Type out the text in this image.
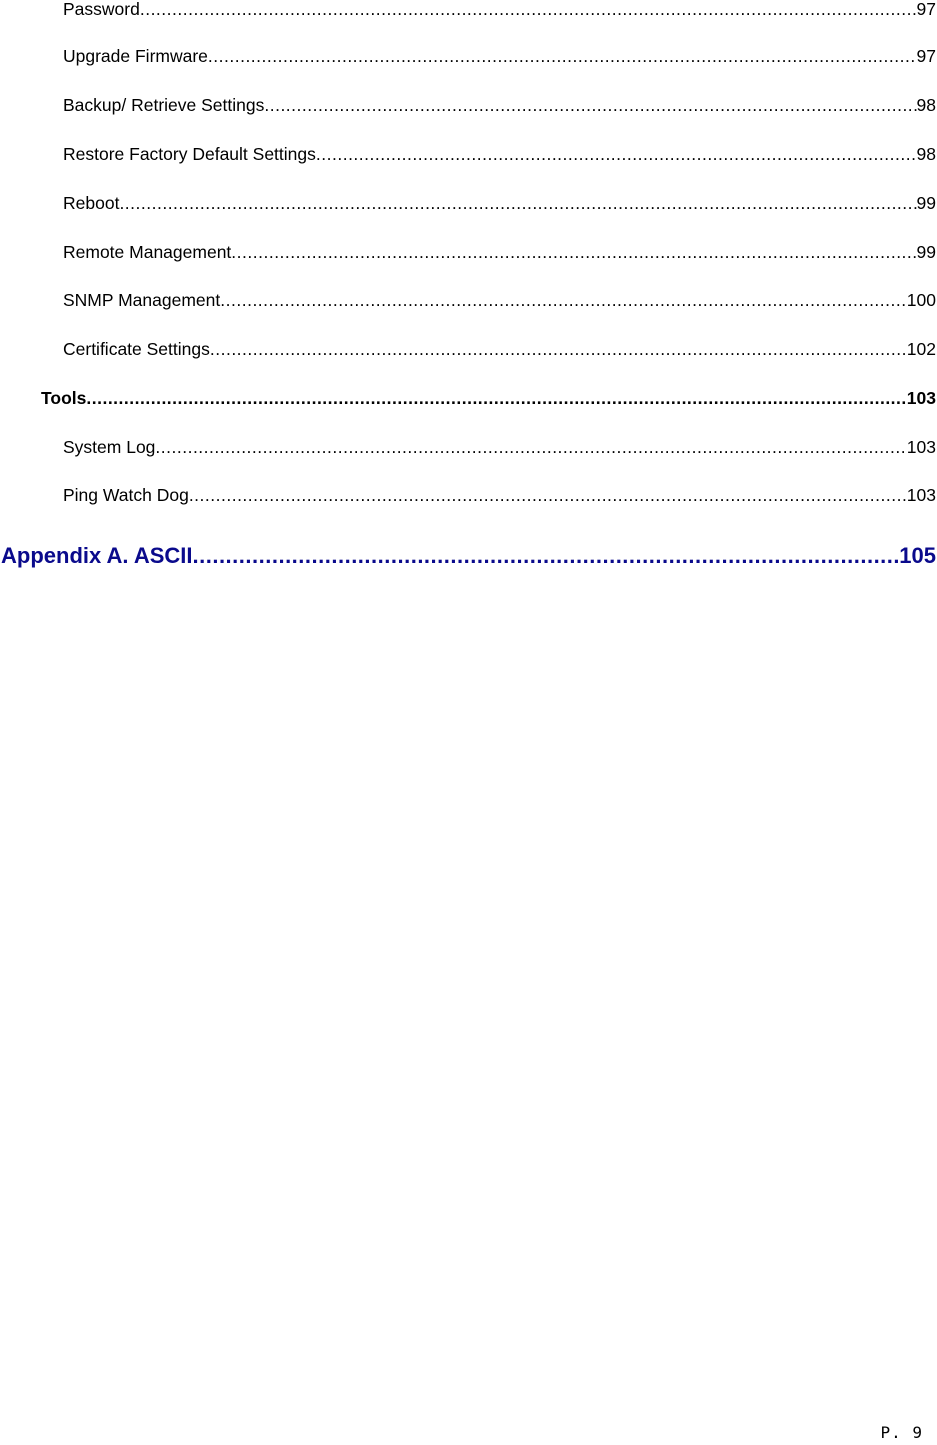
Password .....	97
Upgrade Firmware .....	97
Backup/ Retrieve Settings .....	98
Restore Factory Default Settings .....	98
Reboot .....	99
Remote Management .....	99
SNMP Management .....	100
Certificate Settings .....	102
Tools .....	103
System Log .....	103
Ping Watch Dog .....	103
Appendix A. ASCII .....	105
P. 9
